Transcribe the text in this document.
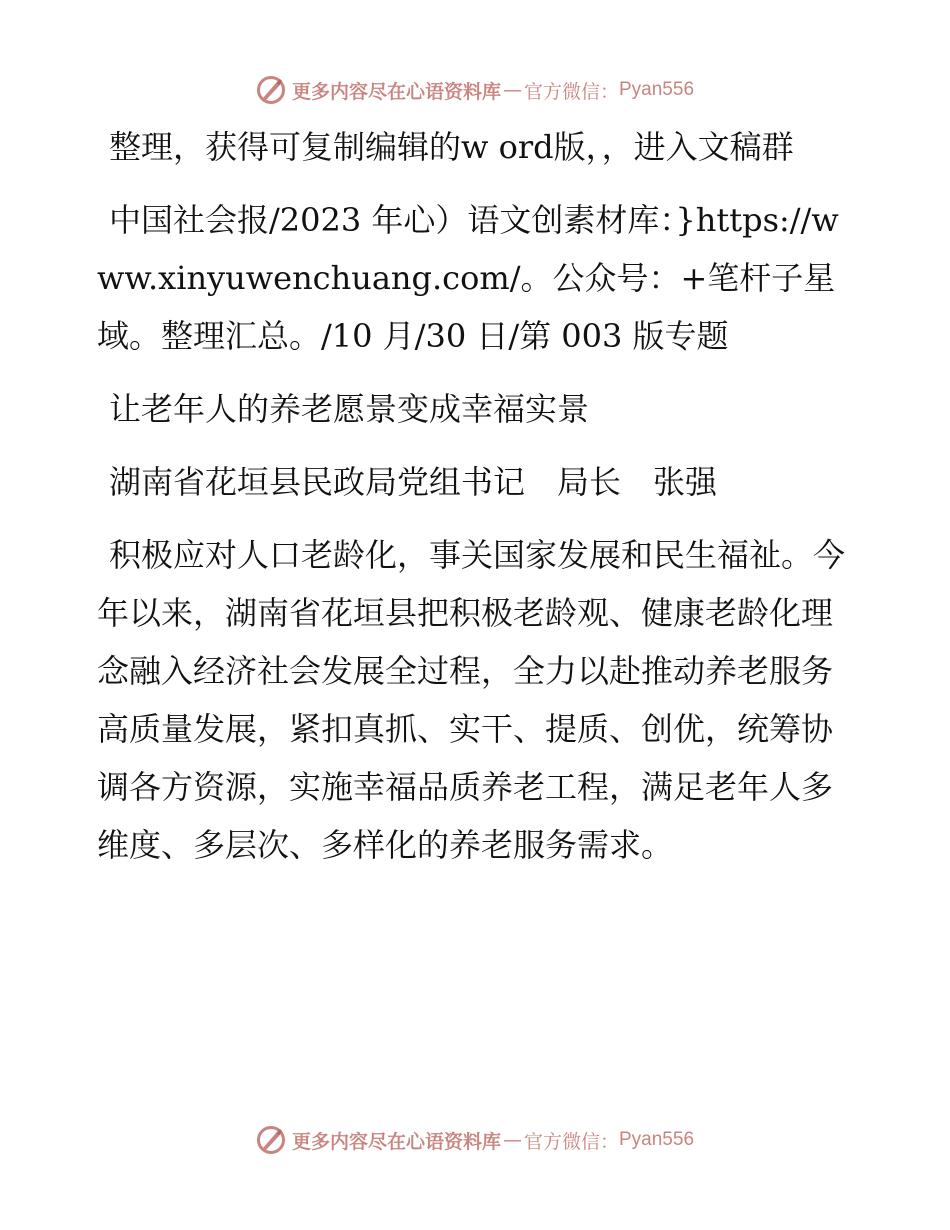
更多内容尽在心语资料库 — 官方微信： Pyan556

整理，获得可复制编辑的w ord版，，进入文稿群

中国社会报/2023 年心）语文创素材库：}https://www.xinyuwenchuang.com/。公众号：+笔杆子星域。整理汇总。/10 月/30 日/第 003 版专题

让老年人的养老愿景变成幸福实景

湖南省花垣县民政局党组书记　局长　张强

积极应对人口老龄化，事关国家发展和民生福祉。今年以来，湖南省花垣县把积极老龄观、健康老龄化理念融入经济社会发展全过程，全力以赴推动养老服务高质量发展，紧扣真抓、实干、提质、创优，统筹协调各方资源，实施幸福品质养老工程，满足老年人多维度、多层次、多样化的养老服务需求。

更多内容尽在心语资料库 — 官方微信： Pyan556
